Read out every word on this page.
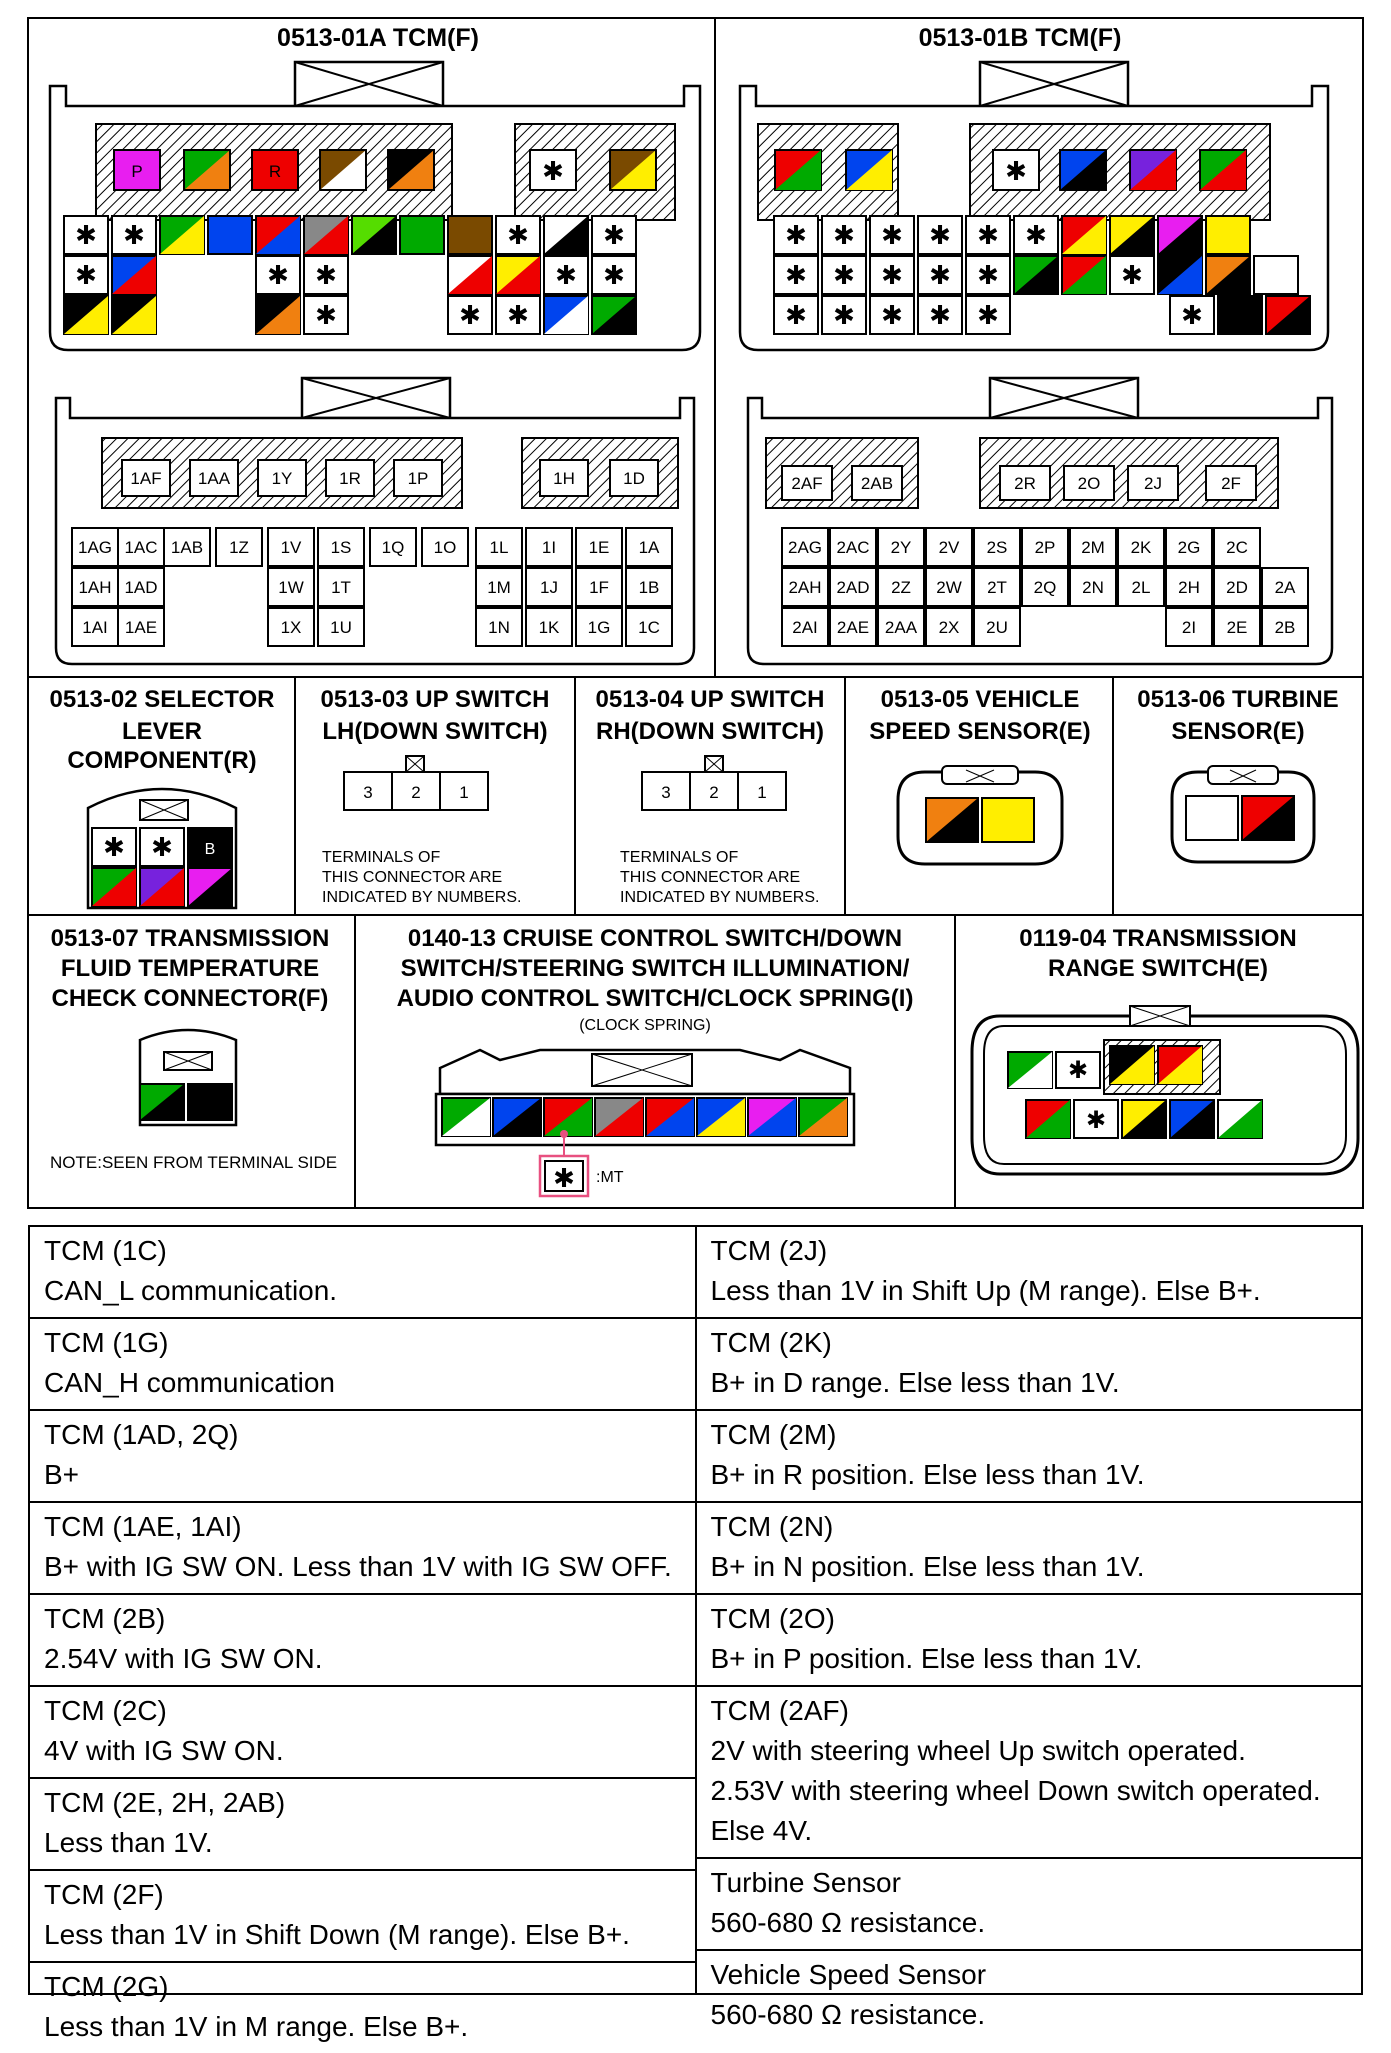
0513-01A TCM(F)
P	R	✱
✱ ✱	✱	✱
✱	✱ ✱	✱ ✱
✱	✱ ✱
0513-01B TCM(F)
✱
✱ ✱ ✱ ✱ ✱ ✱
✱ ✱ ✱ ✱ ✱	✱
✱ ✱ ✱ ✱ ✱	✱
1AF 1AA 1Y	1R	1P	1H	1D
1AG 1AC 1AB 1Z 1V 1S 1Q 1O 1L 1I 1E 1A
1AH 1AD	1W 1T	1M 1J 1F 1B
1AI 1AE	1X 1U	1N 1K 1G 1C
2AF 2AB	2R 2O	2J	2F
2AG 2AC 2Y 2V 2S 2P 2M 2K 2G 2C
2AH 2AD 2Z 2W 2T 2Q 2N 2L 2H 2D 2A
2AI 2AE 2AA 2X 2U	2I 2E 2B
0513-02 SELECTOR
LEVER
COMPONENT(R)
✱ ✱ B
0513-03 UP SWITCH
LH(DOWN SWITCH)
3 2 1
TERMINALS OF
THIS CONNECTOR ARE
INDICATED BY NUMBERS.
0513-04 UP SWITCH
RH(DOWN SWITCH)
3 2 1
TERMINALS OF
THIS CONNECTOR ARE
INDICATED BY NUMBERS.
0513-05 VEHICLE
SPEED SENSOR(E)
0513-06 TURBINE
SENSOR(E)
0513-07 TRANSMISSION
FLUID TEMPERATURE
CHECK CONNECTOR(F)
NOTE:SEEN FROM TERMINAL SIDE
0140-13 CRUISE CONTROL SWITCH/DOWN
SWITCH/STEERING SWITCH ILLUMINATION/
AUDIO CONTROL SWITCH/CLOCK SPRING(I)
(CLOCK SPRING)
✱ :MT
0119-04 TRANSMISSION
RANGE SWITCH(E)
✱
✱
TCM (1C)
CAN_L communication.
TCM (1G)
CAN_H communication
TCM (1AD, 2Q)
B+
TCM (1AE, 1AI)
B+ with IG SW ON. Less than 1V with IG SW OFF.
TCM (2B)
2.54V with IG SW ON.
TCM (2C)
4V with IG SW ON.
TCM (2E, 2H, 2AB)
Less than 1V.
TCM (2F)
Less than 1V in Shift Down (M range). Else B+.
TCM (2G)
Less than 1V in M range. Else B+.
TCM (2J)
Less than 1V in Shift Up (M range). Else B+.
TCM (2K)
B+ in D range. Else less than 1V.
TCM (2M)
B+ in R position. Else less than 1V.
TCM (2N)
B+ in N position. Else less than 1V.
TCM (2O)
B+ in P position. Else less than 1V.
TCM (2AF)
2V with steering wheel Up switch operated.
2.53V with steering wheel Down switch operated.
Else 4V.
Turbine Sensor
560-680 Ω resistance.
Vehicle Speed Sensor
560-680 Ω resistance.
